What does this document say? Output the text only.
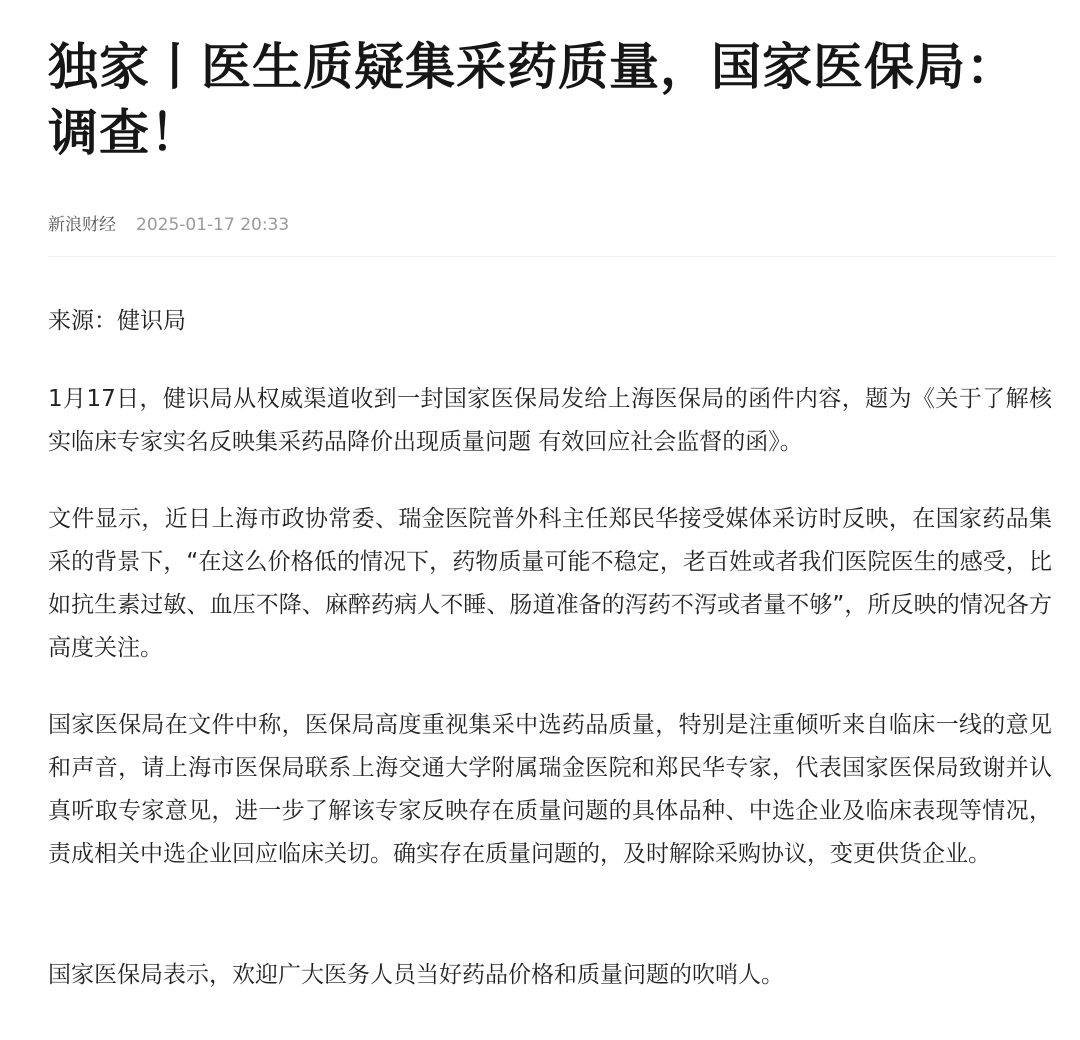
独家丨医生质疑集采药质量，国家医保局：调查！
新浪财经 2025-01-17 20:33

来源：健识局

1月17日，健识局从权威渠道收到一封国家医保局发给上海医保局的函件内容，题为《关于了解核实临床专家实名反映集采药品降价出现质量问题 有效回应社会监督的函》。

文件显示，近日上海市政协常委、瑞金医院普外科主任郑民华接受媒体采访时反映，在国家药品集采的背景下，“在这么价格低的情况下，药物质量可能不稳定，老百姓或者我们医院医生的感受，比如抗生素过敏、血压不降、麻醉药病人不睡、肠道准备的泻药不泻或者量不够”，所反映的情况各方高度关注。

国家医保局在文件中称，医保局高度重视集采中选药品质量，特别是注重倾听来自临床一线的意见和声音，请上海市医保局联系上海交通大学附属瑞金医院和郑民华专家，代表国家医保局致谢并认真听取专家意见，进一步了解该专家反映存在质量问题的具体品种、中选企业及临床表现等情况，责成相关中选企业回应临床关切。确实存在质量问题的，及时解除采购协议，变更供货企业。

国家医保局表示，欢迎广大医务人员当好药品价格和质量问题的吹哨人。
